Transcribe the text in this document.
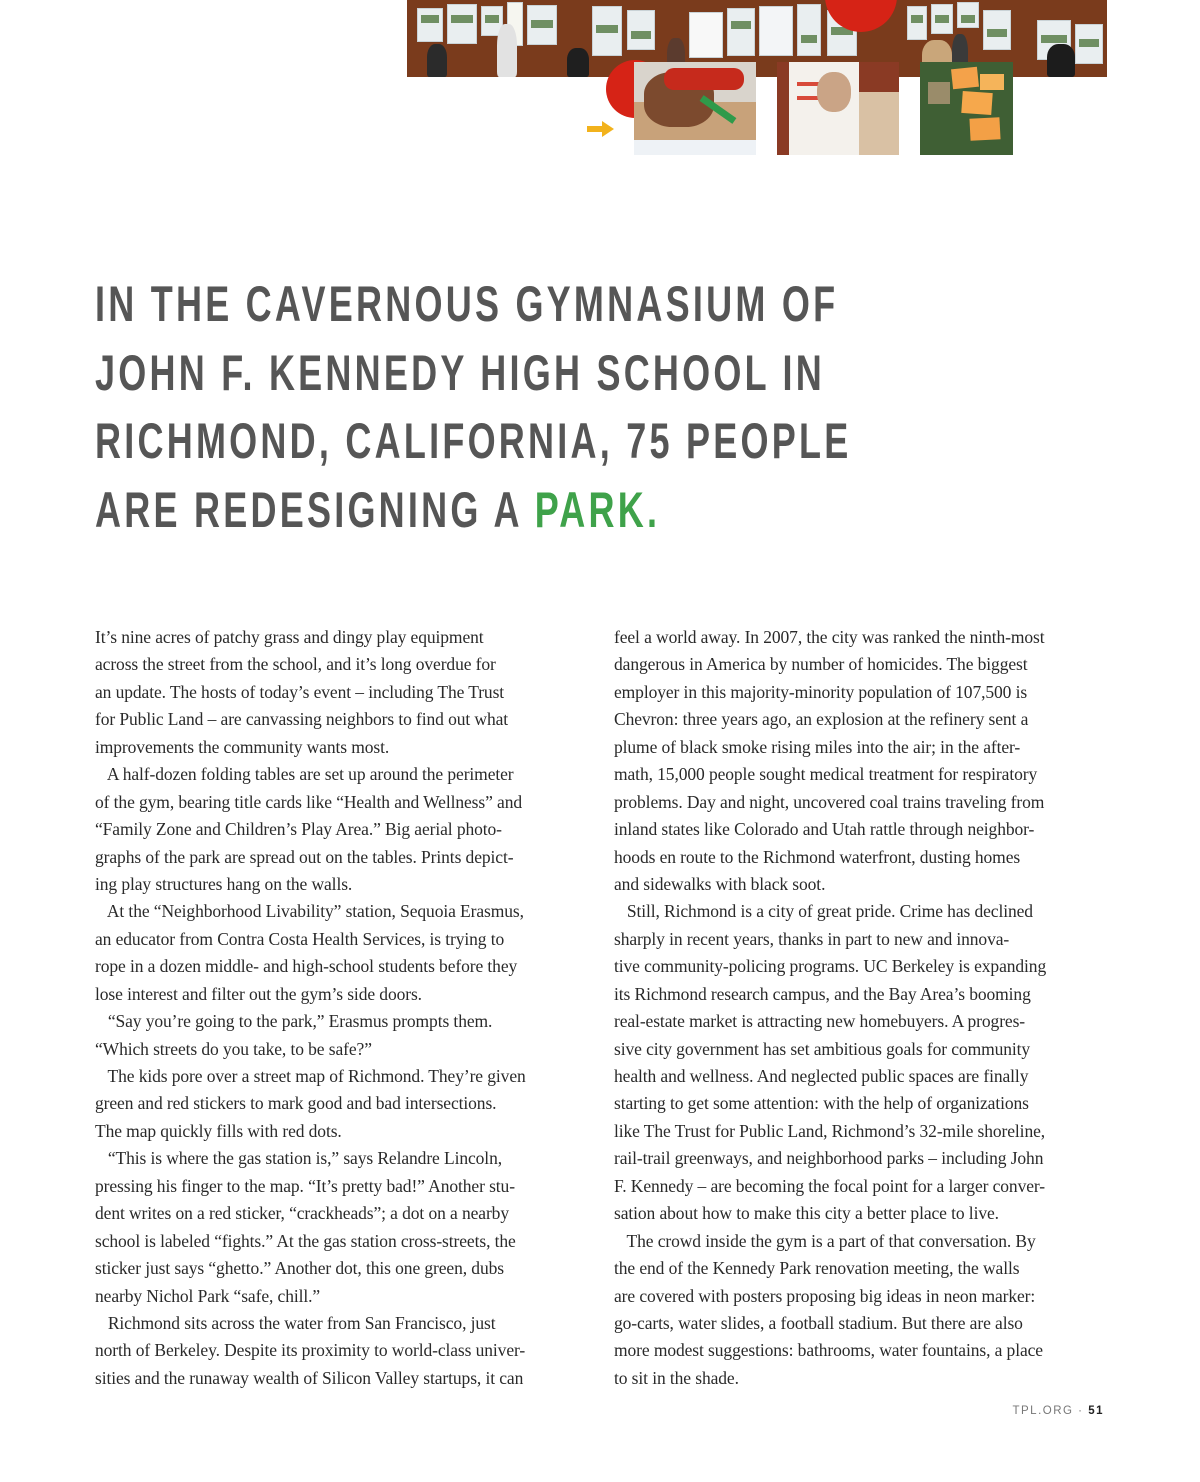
IN THE CAVERNOUS GYMNASIUM OF
JOHN F. KENNEDY HIGH SCHOOL IN
RICHMOND, CALIFORNIA, 75 PEOPLE
ARE REDESIGNING A PARK.
It’s nine acres of patchy grass and dingy play equipment
across the street from the school, and it’s long overdue for
an update. The hosts of today’s event – including The Trust
for Public Land – are canvassing neighbors to find out what
improvements the community wants most.
A half-dozen folding tables are set up around the perimeter
of the gym, bearing title cards like “Health and Wellness” and
“Family Zone and Children’s Play Area.” Big aerial photo-
graphs of the park are spread out on the tables. Prints depict-
ing play structures hang on the walls.
At the “Neighborhood Livability” station, Sequoia Erasmus,
an educator from Contra Costa Health Services, is trying to
rope in a dozen middle- and high-school students before they
lose interest and filter out the gym’s side doors.
“Say you’re going to the park,” Erasmus prompts them.
“Which streets do you take, to be safe?”
The kids pore over a street map of Richmond. They’re given
green and red stickers to mark good and bad intersections.
The map quickly fills with red dots.
“This is where the gas station is,” says Relandre Lincoln,
pressing his finger to the map. “It’s pretty bad!” Another stu-
dent writes on a red sticker, “crackheads”; a dot on a nearby
school is labeled “fights.” At the gas station cross-streets, the
sticker just says “ghetto.” Another dot, this one green, dubs
nearby Nichol Park “safe, chill.”
Richmond sits across the water from San Francisco, just
north of Berkeley. Despite its proximity to world-class univer-
sities and the runaway wealth of Silicon Valley startups, it can
feel a world away. In 2007, the city was ranked the ninth-most
dangerous in America by number of homicides. The biggest
employer in this majority-minority population of 107,500 is
Chevron: three years ago, an explosion at the refinery sent a
plume of black smoke rising miles into the air; in the after-
math, 15,000 people sought medical treatment for respiratory
problems. Day and night, uncovered coal trains traveling from
inland states like Colorado and Utah rattle through neighbor-
hoods en route to the Richmond waterfront, dusting homes
and sidewalks with black soot.
Still, Richmond is a city of great pride. Crime has declined
sharply in recent years, thanks in part to new and innova-
tive community-policing programs. UC Berkeley is expanding
its Richmond research campus, and the Bay Area’s booming
real-estate market is attracting new homebuyers. A progres-
sive city government has set ambitious goals for community
health and wellness. And neglected public spaces are finally
starting to get some attention: with the help of organizations
like The Trust for Public Land, Richmond’s 32-mile shoreline,
rail-trail greenways, and neighborhood parks – including John
F. Kennedy – are becoming the focal point for a larger conver-
sation about how to make this city a better place to live.
The crowd inside the gym is a part of that conversation. By
the end of the Kennedy Park renovation meeting, the walls
are covered with posters proposing big ideas in neon marker:
go-carts, water slides, a football stadium. But there are also
more modest suggestions: bathrooms, water fountains, a place
to sit in the shade.
TPL.ORG · 51
